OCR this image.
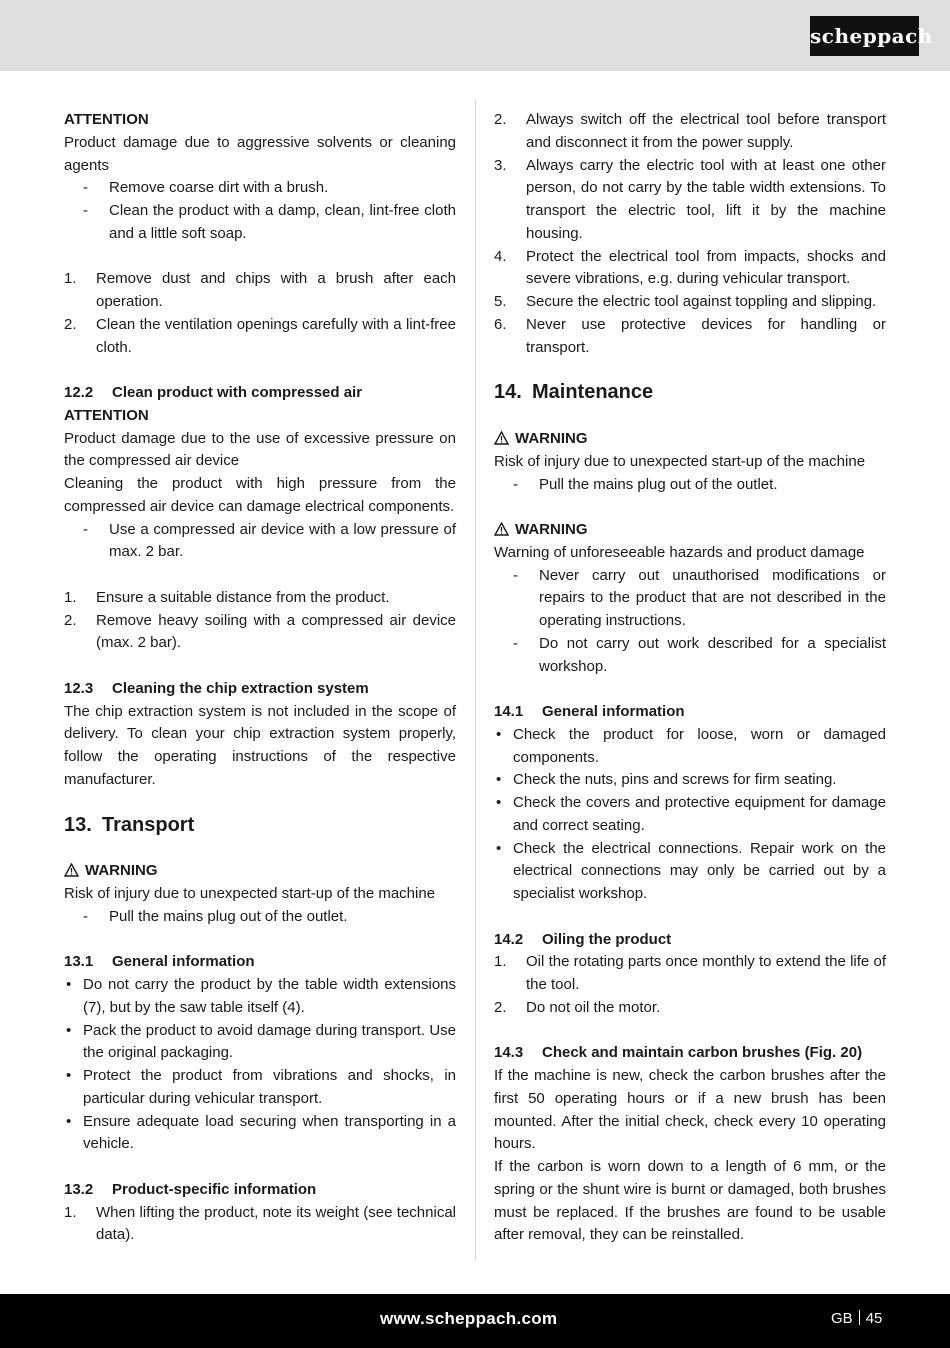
scheppach

ATTENTION

Product damage due to aggressive solvents or cleaning agents

- Remove coarse dirt with a brush.
- Clean the product with a damp, clean, lint-free cloth and a little soft soap.
1. Remove dust and chips with a brush after each operation.
2. Clean the ventilation openings carefully with a lint-free cloth.

12.2 Clean product with compressed air

ATTENTION

Product damage due to the use of excessive pressure on the compressed air device

Cleaning the product with high pressure from the compressed air device can damage electrical components.

- Use a compressed air device with a low pressure of max. 2 bar.
1. Ensure a suitable distance from the product.
2. Remove heavy soiling with a compressed air device (max. 2 bar).

12.3 Cleaning the chip extraction system

The chip extraction system is not included in the scope of delivery. To clean your chip extraction system properly, follow the operating instructions of the respective manufacturer.

13. Transport

WARNING

Risk of injury due to unexpected start-up of the machine

- Pull the mains plug out of the outlet.

13.1 General information

• Do not carry the product by the table width extensions (7), but by the saw table itself (4).
• Pack the product to avoid damage during transport. Use the original packaging.
• Protect the product from vibrations and shocks, in particular during vehicular transport.
• Ensure adequate load securing when transporting in a vehicle.

13.2 Product-specific information

1. When lifting the product, note its weight (see technical data).
2. Always switch off the electrical tool before transport and disconnect it from the power supply.
3. Always carry the electric tool with at least one other person, do not carry by the table width extensions. To transport the electric tool, lift it by the machine housing.
4. Protect the electrical tool from impacts, shocks and severe vibrations, e.g. during vehicular transport.
5. Secure the electric tool against toppling and slipping.
6. Never use protective devices for handling or transport.

14. Maintenance

WARNING

Risk of injury due to unexpected start-up of the machine

- Pull the mains plug out of the outlet.

WARNING

Warning of unforeseeable hazards and product damage

- Never carry out unauthorised modifications or repairs to the product that are not described in the operating instructions.
- Do not carry out work described for a specialist workshop.

14.1 General information

• Check the product for loose, worn or damaged components.
• Check the nuts, pins and screws for firm seating.
• Check the covers and protective equipment for damage and correct seating.
• Check the electrical connections. Repair work on the electrical connections may only be carried out by a specialist workshop.

14.2 Oiling the product

1. Oil the rotating parts once monthly to extend the life of the tool.
2. Do not oil the motor.

14.3 Check and maintain carbon brushes (Fig. 20)

If the machine is new, check the carbon brushes after the first 50 operating hours or if a new brush has been mounted. After the initial check, check every 10 operating hours.

If the carbon is worn down to a length of 6 mm, or the spring or the shunt wire is burnt or damaged, both brushes must be replaced. If the brushes are found to be usable after removal, they can be reinstalled.

www.scheppach.com	GB 45
